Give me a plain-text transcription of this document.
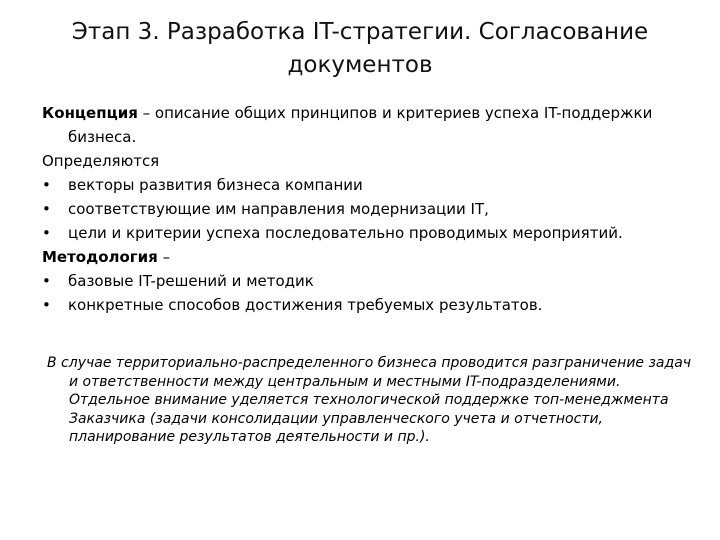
Этап 3. Разработка IT-стратегии. Согласование
документов

Концепция – описание общих принципов и критериев успеха IT-поддержки бизнеса.

Определяются

•	векторы развития бизнеса компании
•	соответствующие им направления модернизации IT,
•	цели и критерии успеха последовательно проводимых мероприятий.

Методология –

•	базовые IT-решений и методик
•	конкретные способов достижения требуемых результатов.

В случае территориально-распределенного бизнеса проводится разграничение задач и ответственности между центральным и местными IT-подразделениями. Отдельное внимание уделяется технологической поддержке топ-менеджмента Заказчика (задачи консолидации управленческого учета и отчетности, планирование результатов деятельности и пр.).
